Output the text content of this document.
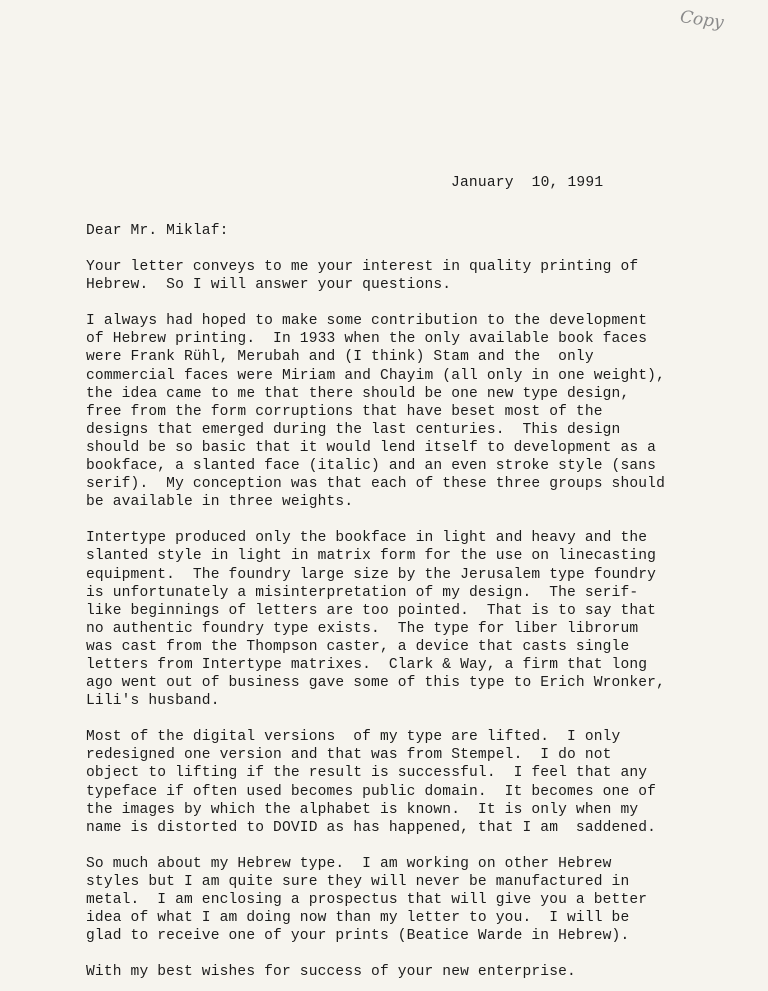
Copy
January  10, 1991
Dear Mr. Miklaf:
Your letter conveys to me your interest in quality printing of
Hebrew.  So I will answer your questions.
I always had hoped to make some contribution to the development
of Hebrew printing.  In 1933 when the only available book faces
were Frank Rühl, Merubah and (I think) Stam and the  only
commercial faces were Miriam and Chayim (all only in one weight),
the idea came to me that there should be one new type design,
free from the form corruptions that have beset most of the
designs that emerged during the last centuries.  This design
should be so basic that it would lend itself to development as a
bookface, a slanted face (italic) and an even stroke style (sans
serif).  My conception was that each of these three groups should
be available in three weights.
Intertype produced only the bookface in light and heavy and the
slanted style in light in matrix form for the use on linecasting
equipment.  The foundry large size by the Jerusalem type foundry
is unfortunately a misinterpretation of my design.  The serif-
like beginnings of letters are too pointed.  That is to say that
no authentic foundry type exists.  The type for liber librorum
was cast from the Thompson caster, a device that casts single
letters from Intertype matrixes.  Clark & Way, a firm that long
ago went out of business gave some of this type to Erich Wronker,
Lili's husband.
Most of the digital versions  of my type are lifted.  I only
redesigned one version and that was from Stempel.  I do not
object to lifting if the result is successful.  I feel that any
typeface if often used becomes public domain.  It becomes one of
the images by which the alphabet is known.  It is only when my
name is distorted to DOVID as has happened, that I am  saddened.
So much about my Hebrew type.  I am working on other Hebrew
styles but I am quite sure they will never be manufactured in
metal.  I am enclosing a prospectus that will give you a better
idea of what I am doing now than my letter to you.  I will be
glad to receive one of your prints (Beatice Warde in Hebrew).
With my best wishes for success of your new enterprise.
